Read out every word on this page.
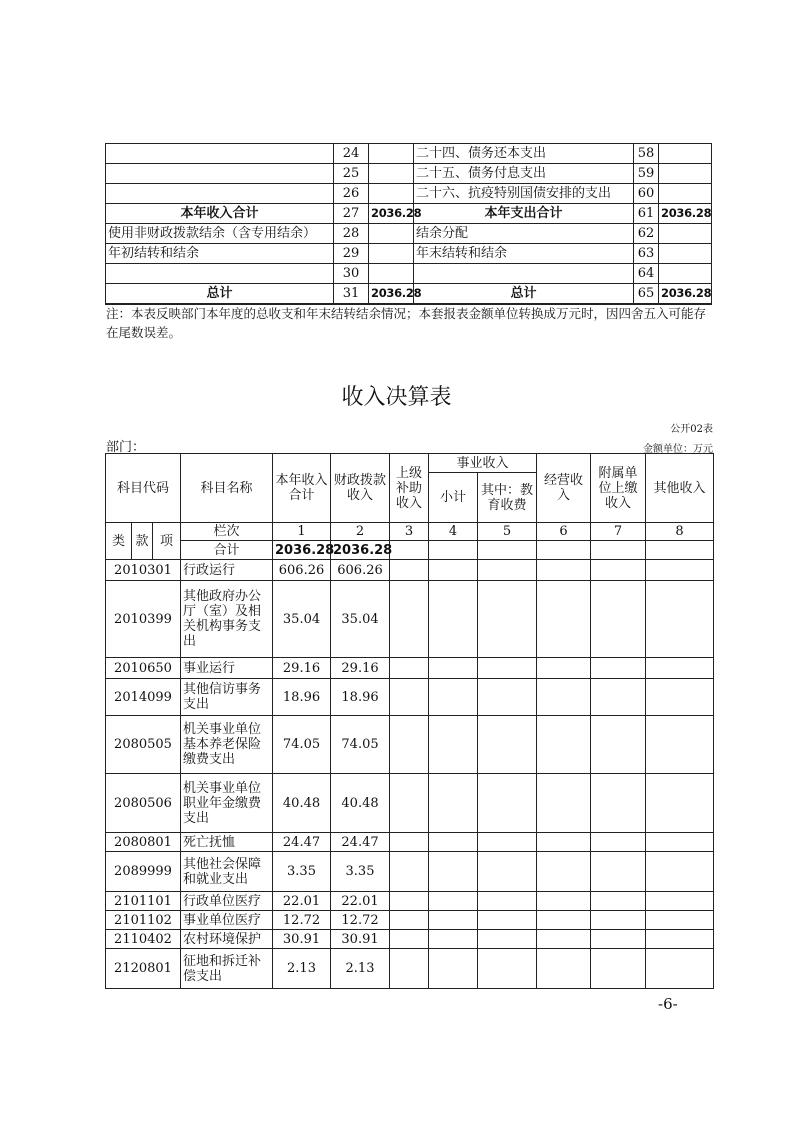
	24		二十四、债务还本支出	58	
	25		二十五、债务付息支出	59	
	26		二十六、抗疫特别国债安排的支出	60	
本年收入合计	27	2036.28	本年支出合计	61	2036.28
使用非财政拨款结余（含专用结余）	28		结余分配	62	
年初结转和结余	29		年末结转和结余	63	
	30			64	
总计	31	2036.28	总计	65	2036.28
注：本表反映部门本年度的总收支和年末结转结余情况；本套报表金额单位转换成万元时，因四舍五入可能存在尾数误差。
收入决算表
公开02表
部门：	金额单位：万元
科目代码			科目名称	本年收入合计	财政拨款收入	上级补助收入	事业收入		经营收入	附属单位上缴收入	其他收入
							小计	其中：教育收费			
类	款	项	栏次	1	2	3	4	5	6	7	8
			合计	2036.28	2036.28						
2010301			行政运行	606.26	606.26						
2010399			其他政府办公厅（室）及相关机构事务支出	35.04	35.04						
2010650			事业运行	29.16	29.16						
2014099			其他信访事务支出	18.96	18.96						
2080505			机关事业单位基本养老保险缴费支出	74.05	74.05						
2080506			机关事业单位职业年金缴费支出	40.48	40.48						
2080801			死亡抚恤	24.47	24.47						
2089999			其他社会保障和就业支出	3.35	3.35						
2101101			行政单位医疗	22.01	22.01						
2101102			事业单位医疗	12.72	12.72						
2110402			农村环境保护	30.91	30.91						
2120801			征地和拆迁补偿支出	2.13	2.13						
-6-
